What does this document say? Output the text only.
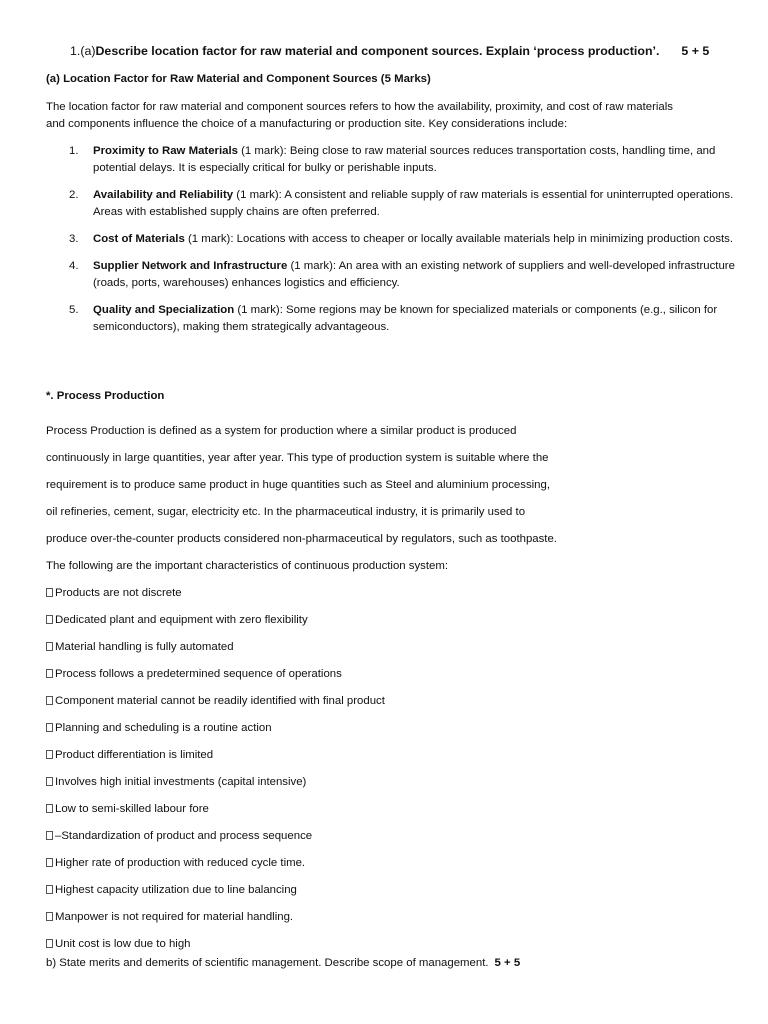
1.(a)Describe location factor for raw material and component sources. Explain ‘process production’. 5 + 5
(a) Location Factor for Raw Material and Component Sources (5 Marks)
The location factor for raw material and component sources refers to how the availability, proximity, and cost of raw materials
and components influence the choice of a manufacturing or production site. Key considerations include:
1. Proximity to Raw Materials (1 mark): Being close to raw material sources reduces transportation costs, handling time, and potential delays. It is especially critical for bulky or perishable inputs.
2. Availability and Reliability (1 mark): A consistent and reliable supply of raw materials is essential for uninterrupted operations. Areas with established supply chains are often preferred.
3. Cost of Materials (1 mark): Locations with access to cheaper or locally available materials help in minimizing production costs.
4. Supplier Network and Infrastructure (1 mark): An area with an existing network of suppliers and well-developed infrastructure (roads, ports, warehouses) enhances logistics and efficiency.
5. Quality and Specialization (1 mark): Some regions may be known for specialized materials or components (e.g., silicon for semiconductors), making them strategically advantageous.
*. Process Production
Process Production is defined as a system for production where a similar product is produced
continuously in large quantities, year after year. This type of production system is suitable where the
requirement is to produce same product in huge quantities such as Steel and aluminium processing,
oil refineries, cement, sugar, electricity etc. In the pharmaceutical industry, it is primarily used to
produce over-the-counter products considered non-pharmaceutical by regulators, such as toothpaste.
The following are the important characteristics of continuous production system:
Products are not discrete
Dedicated plant and equipment with zero flexibility
Material handling is fully automated
Process follows a predetermined sequence of operations
Component material cannot be readily identified with final product
Planning and scheduling is a routine action
Product differentiation is limited
Involves high initial investments (capital intensive)
Low to semi-skilled labour fore
–Standardization of product and process sequence
Higher rate of production with reduced cycle time.
Highest capacity utilization due to line balancing
Manpower is not required for material handling.
Unit cost is low due to high
b) State merits and demerits of scientific management. Describe scope of management. 5 + 5
